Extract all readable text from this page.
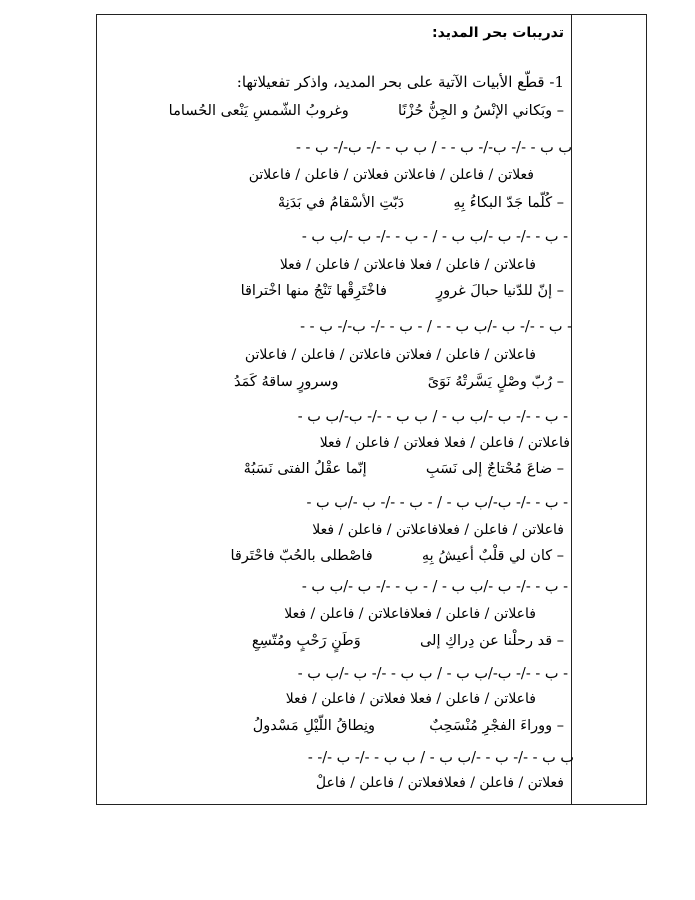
تدريبات بحر المديد:
1- قطّع الأبيات الآتية على بحر المديد، واذكر تفعيلاتها:
– وبَكاني الإنْسُ و الجِنُّ حُزْنًا  وغروبُ الشّمسِ يَنْعى الحُساما
ب ب - -/- ب-/- ب - - / ب ب - -/- ب-/- ب - -
فعلاتن / فاعلن / فاعلاتن فعلاتن / فاعلن / فاعلاتن
– كُلّما جَدّ البكاءُ بِهِ  دَبّتِ الأسْقامُ في بَدَنِهْ
- ب - -/- ب -/ب ب - / - ب - -/- ب -/ب ب -
فاعلاتن / فاعلن / فعلا فاعلاتن / فاعلن / فعلا
– إنّ للدّنيا حبالَ غرورٍ  فاخْتَرِقْها تَنْجُ منها اخْتراقا
- ب - -/- ب -/ب ب - - / - ب - -/- ب-/- ب - -
فاعلاتن / فاعلن / فعلاتن فاعلاتن / فاعلن / فاعلاتن
– رُبّ وصْلٍ يَسَّرتْهُ نَوَىً  وسرورٍ ساقهُ كَمَدُ
- ب - -/- ب -/ب ب - / ب ب - -/- ب-/ب ب -
فاعلاتن / فاعلن / فعلا فعلاتن / فاعلن / فعلا
– ضاعَ مُحْتاجٌ إلى نَسَبِ  إنّما عقْلُ الفتى نَسَبُهْ
- ب - -/- ب-/ب ب - / - ب - -/- ب -/ب ب -
فاعلاتن / فاعلن / فعلافاعلاتن / فاعلن / فعلا
– كان لي قلْبٌ أعيشُ بِهِ  فاصْطلى بالحُبّ فاحْتَرقا
- ب - -/- ب -/ب ب - / - ب - -/- ب -/ب ب -
فاعلاتن / فاعلن / فعلافاعلاتن / فاعلن / فعلا
– قد رحلْنا عن دِراكِ إلى  وَطَنٍ رَحْبٍ ومُتّسِعِ
- ب - -/- ب-/ب ب - / ب ب - -/- ب -/ب ب -
فاعلاتن / فاعلن / فعلا فعلاتن / فاعلن / فعلا
– ووراءَ الفجْرِ مُنْسَحِبٌ  ونِطاقُ اللّيْلِ مَسْدولُ
ب ب - -/- ب - -/ب ب - / ب ب - -/- ب -/- -
فعلاتن / فاعلن / فعلافعلاتن / فاعلن / فاعلْ
